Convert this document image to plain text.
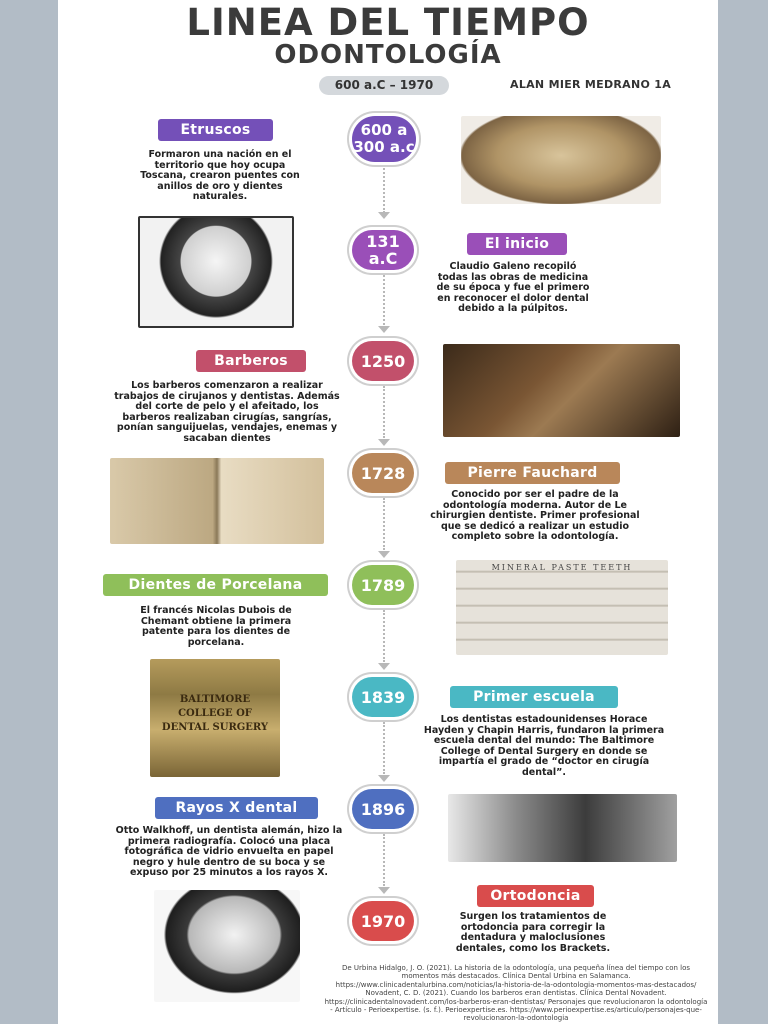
LINEA DEL TIEMPO
ODONTOLOGÍA
600 a.C – 1970	ALAN MIER MEDRANO 1A
Etruscos
Formaron una nación en el territorio que hoy ocupa Toscana, crearon puentes con anillos de oro y dientes naturales.
600 a
300 a.c
131 a.C
El inicio
Claudio Galeno recopiló todas las obras de medicina de su época y fue el primero en reconocer el dolor dental debido a la púlpitos.
Barberos
Los barberos comenzaron a realizar trabajos de cirujanos y dentistas. Además del corte de pelo y el afeitado, los barberos realizaban cirugías, sangrías, ponían sanguijuelas, vendajes, enemas y sacaban dientes
1250
1728	Pierre Fauchard
Conocido por ser el padre de la odontología moderna. Autor de Le chirurgien dentiste. Primer profesional que se dedicó a realizar un estudio completo sobre la odontología.
Dientes de Porcelana
El francés Nicolas Dubois de Chemant obtiene la primera patente para los dientes de porcelana.
1789
MINERAL PASTE TEETH
BALTIMORE COLLEGE OF DENTAL SURGERY
1839	Primer escuela
Los dentistas estadounidenses Horace Hayden y Chapin Harris, fundaron la primera escuela dental del mundo: The Baltimore College of Dental Surgery en donde se impartía el grado de “doctor en cirugía dental”.
Rayos X dental
Otto Walkhoff, un dentista alemán, hizo la primera radiografía. Colocó una placa fotográfica de vidrio envuelta en papel negro y hule dentro de su boca y se expuso por 25 minutos a los rayos X.
1896
1970
Ortodoncia
Surgen los tratamientos de ortodoncia para corregir la dentadura y maloclusiones dentales, como los Brackets.
De Urbina Hidalgo, J. O. (2021). La historia de la odontología, una pequeña línea del tiempo con los momentos más destacados. Clínica Dental Urbina en Salamanca. https://www.clinicadentalurbina.com/noticias/la-historia-de-la-odontologia-momentos-mas-destacados/ Novadent, C. D. (2021). Cuando los barberos eran dentistas. Clínica Dental Novadent. https://clinicadentalnovadent.com/los-barberos-eran-dentistas/ Personajes que revolucionaron la odontología - Artículo - Perioexpertise. (s. f.). Perioexpertise.es. https://www.perioexpertise.es/articulo/personajes-que-revolucionaron-la-odontologia
